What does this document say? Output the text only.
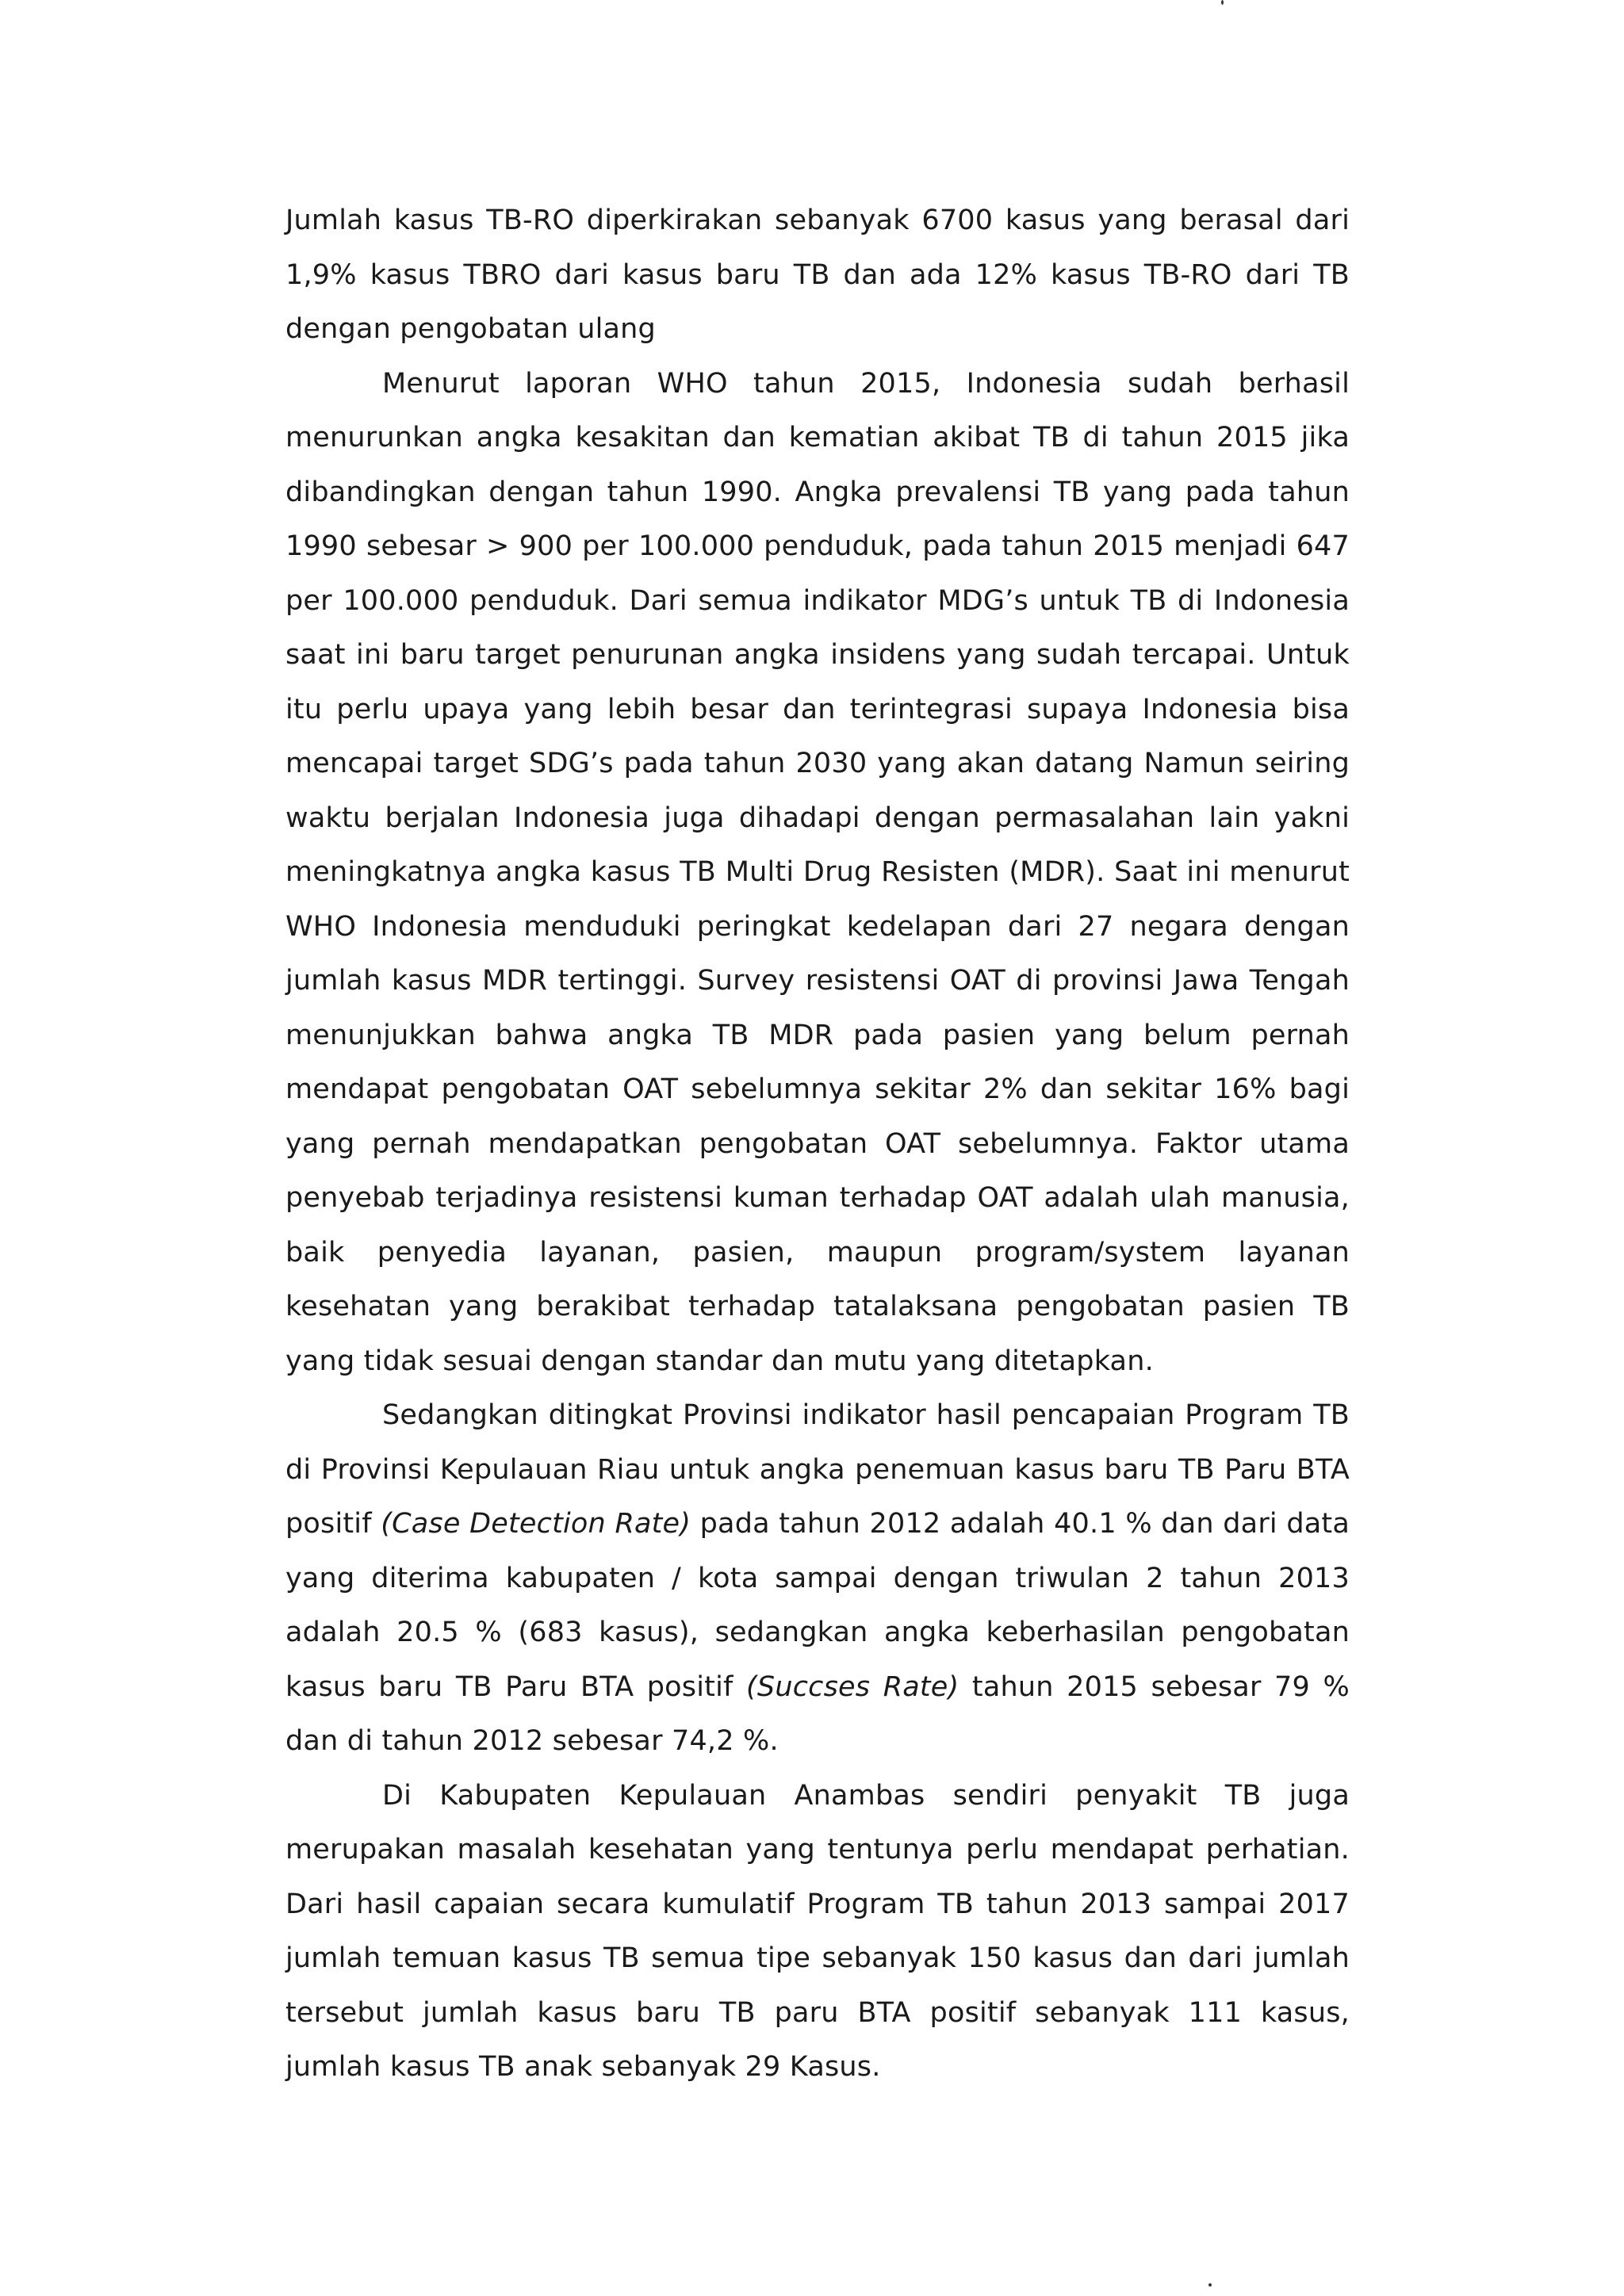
Jumlah kasus TB-RO diperkirakan sebanyak 6700 kasus yang berasal dari 1,9% kasus TBRO dari kasus baru TB dan ada 12% kasus TB-RO dari TB dengan pengobatan ulang

Menurut laporan WHO tahun 2015, Indonesia sudah berhasil menurunkan angka kesakitan dan kematian akibat TB di tahun 2015 jika dibandingkan dengan tahun 1990. Angka prevalensi TB yang pada tahun 1990 sebesar > 900 per 100.000 penduduk, pada tahun 2015 menjadi 647 per 100.000 penduduk. Dari semua indikator MDG’s untuk TB di Indonesia saat ini baru target penurunan angka insidens yang sudah tercapai. Untuk itu perlu upaya yang lebih besar dan terintegrasi supaya Indonesia bisa mencapai target SDG’s pada tahun 2030 yang akan datang Namun seiring waktu berjalan Indonesia juga dihadapi dengan permasalahan lain yakni meningkatnya angka kasus TB Multi Drug Resisten (MDR). Saat ini menurut WHO Indonesia menduduki peringkat kedelapan dari 27 negara dengan jumlah kasus MDR tertinggi. Survey resistensi OAT di provinsi Jawa Tengah menunjukkan bahwa angka TB MDR pada pasien yang belum pernah mendapat pengobatan OAT sebelumnya sekitar 2% dan sekitar 16% bagi yang pernah mendapatkan pengobatan OAT sebelumnya. Faktor utama penyebab terjadinya resistensi kuman terhadap OAT adalah ulah manusia, baik penyedia layanan, pasien, maupun program/system layanan kesehatan yang berakibat terhadap tatalaksana pengobatan pasien TB yang tidak sesuai dengan standar dan mutu yang ditetapkan.

Sedangkan ditingkat Provinsi indikator hasil pencapaian Program TB di Provinsi Kepulauan Riau untuk angka penemuan kasus baru TB Paru BTA positif (Case Detection Rate) pada tahun 2012 adalah 40.1 % dan dari data yang diterima kabupaten / kota sampai dengan triwulan 2 tahun 2013 adalah 20.5 % (683 kasus), sedangkan angka keberhasilan pengobatan kasus baru TB Paru BTA positif (Succses Rate) tahun 2015 sebesar 79 % dan di tahun 2012 sebesar 74,2 %.

Di Kabupaten Kepulauan Anambas sendiri penyakit TB juga merupakan masalah kesehatan yang tentunya perlu mendapat perhatian. Dari hasil capaian secara kumulatif Program TB tahun 2013 sampai 2017 jumlah temuan kasus TB semua tipe sebanyak 150 kasus dan dari jumlah tersebut jumlah kasus baru TB paru BTA positif sebanyak 111 kasus, jumlah kasus TB anak sebanyak 29 Kasus.
